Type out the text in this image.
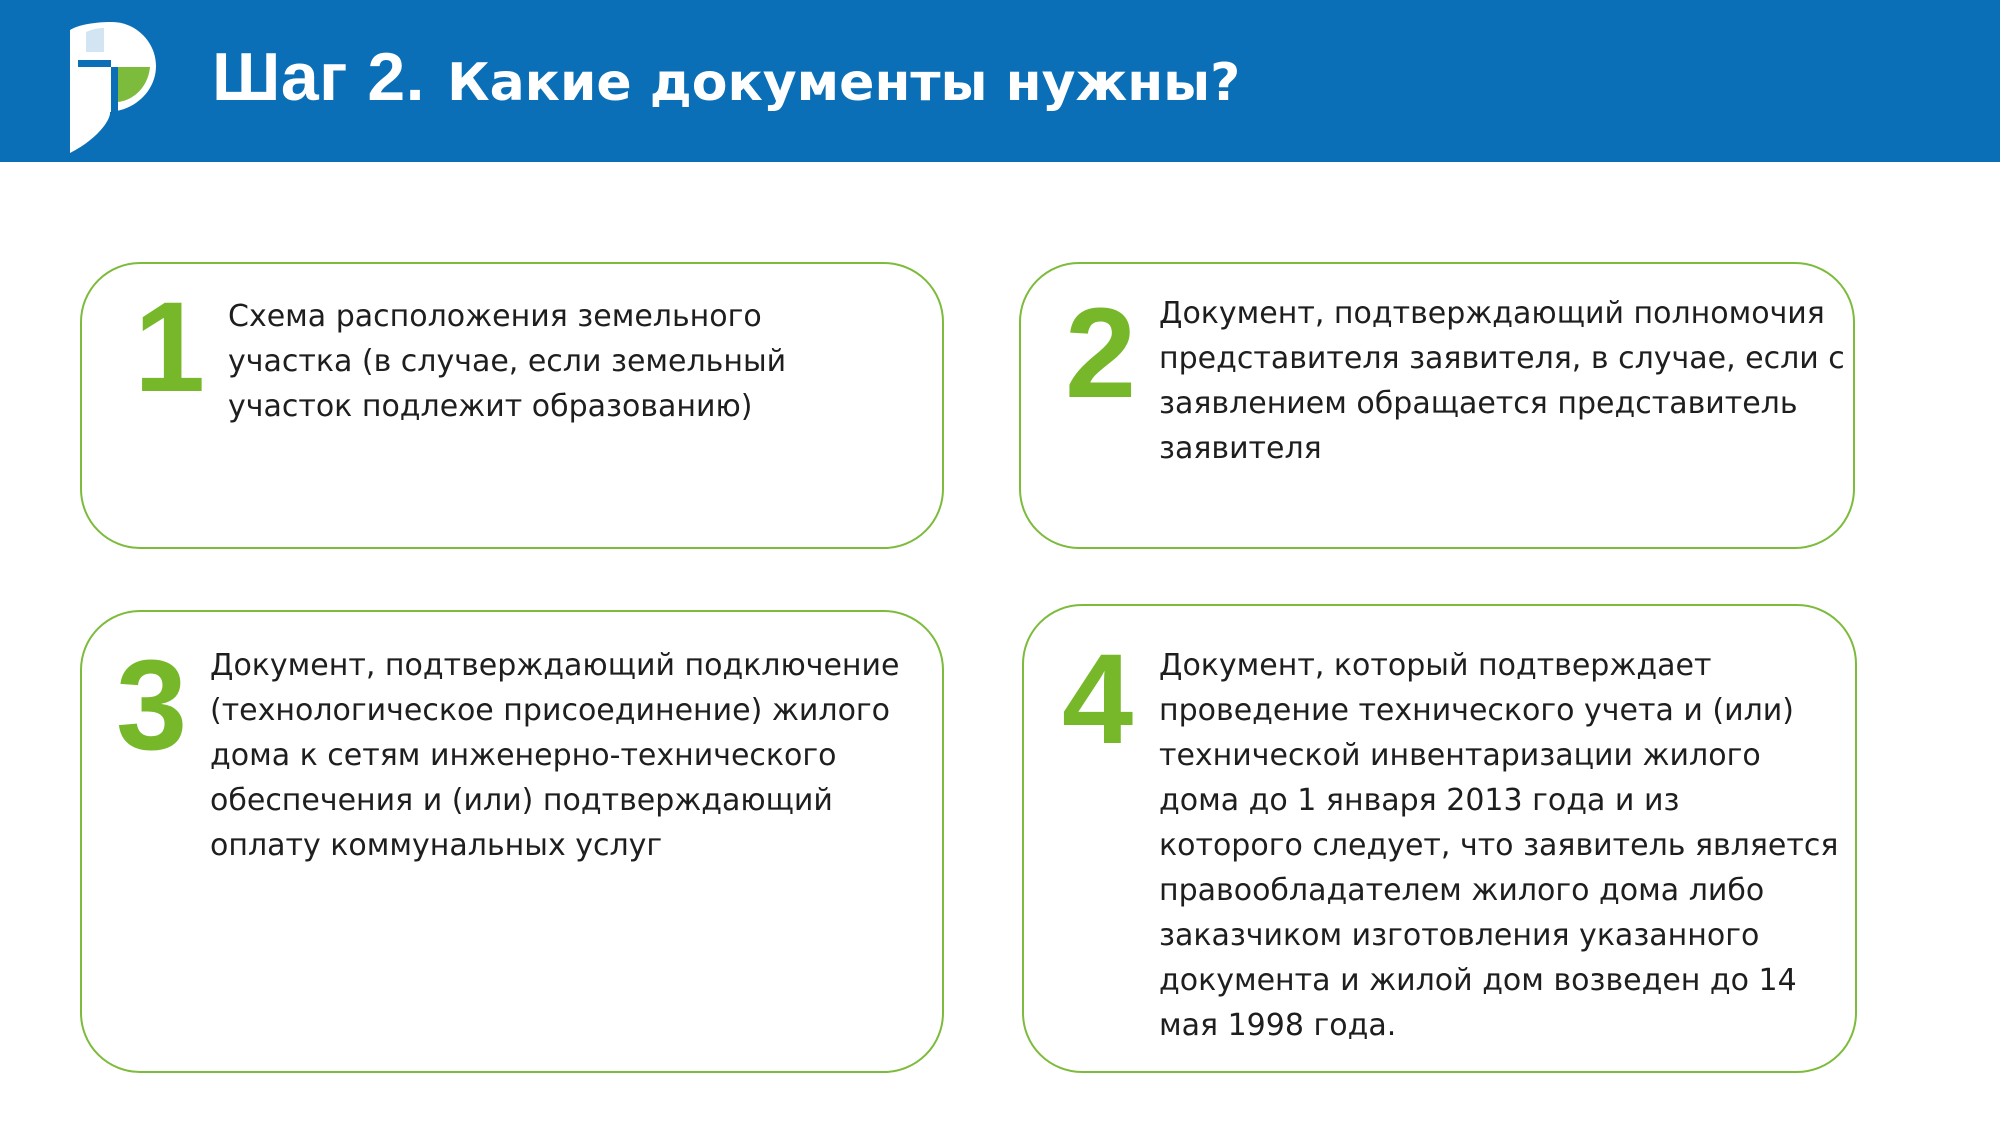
Шаг 2. Какие документы нужны?
1 Схема расположения земельного
участка (в случае, если земельный
участок подлежит образованию) 2 Документ, подтверждающий полномочия
представителя заявителя, в случае, если с
заявлением обращается представитель
заявителя
3 Документ, подтверждающий подключение
(технологическое присоединение) жилого
дома к сетям инженерно-технического
обеспечения и (или) подтверждающий
оплату коммунальных услуг
4 Документ, который подтверждает
проведение технического учета и (или)
технической инвентаризации жилого
дома до 1 января 2013 года и из
которого следует, что заявитель является
правообладателем жилого дома либо
заказчиком изготовления указанного
документа и жилой дом возведен до 14
мая 1998 года.
